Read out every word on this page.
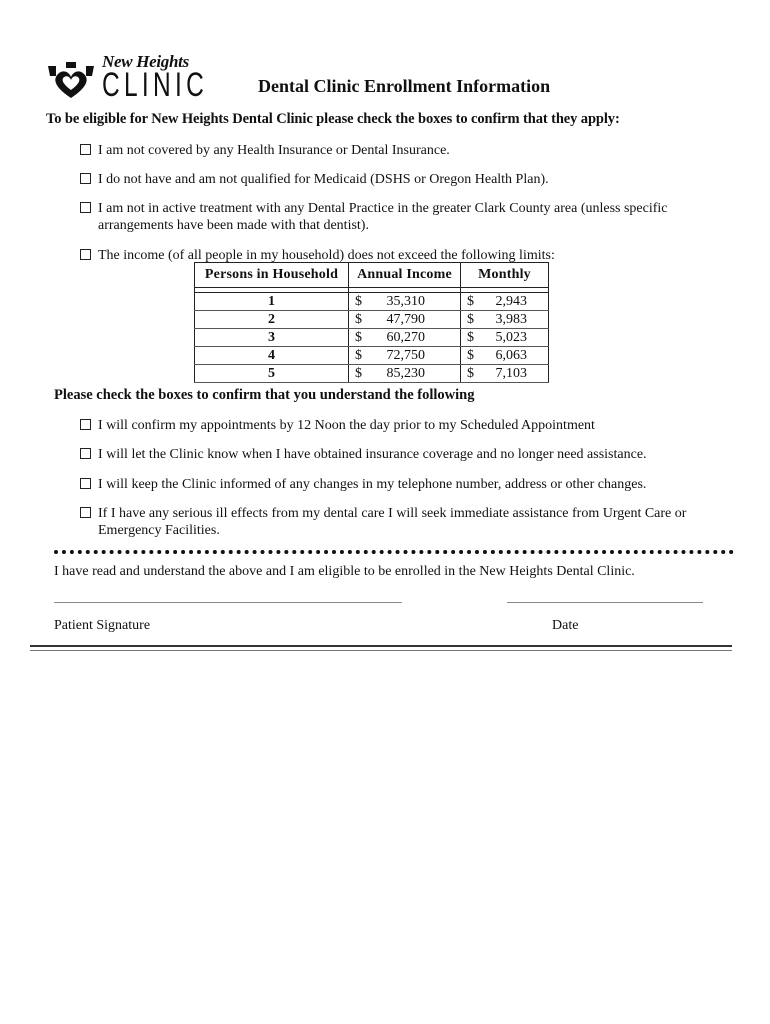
New Heights
CLINIC	Dental Clinic Enrollment Information

To be eligible for New Heights Dental Clinic please check the boxes to confirm that they apply:

I am not covered by any Health Insurance or Dental Insurance.
I do not have and am not qualified for Medicaid (DSHS or Oregon Health Plan).
I am not in active treatment with any Dental Practice in the greater Clark County area (unless specific arrangements have been made with that dentist).
The income (of all people in my household) does not exceed the following limits:
Persons in Household	Annual Income	Monthly

1	$ 35,310	$ 2,943
2	$ 47,790	$ 3,983
3	$ 60,270	$ 5,023
4	$ 72,750	$ 6,063
5	$ 85,230	$ 7,103

Please check the boxes to confirm that you understand the following

I will confirm my appointments by 12 Noon the day prior to my Scheduled Appointment
I will let the Clinic know when I have obtained insurance coverage and no longer need assistance.
I will keep the Clinic informed of any changes in my telephone number, address or other changes.
If I have any serious ill effects from my dental care I will seek immediate assistance from Urgent Care or Emergency Facilities.

I have read and understand the above and I am eligible to be enrolled in the New Heights Dental Clinic.

Patient Signature	Date
